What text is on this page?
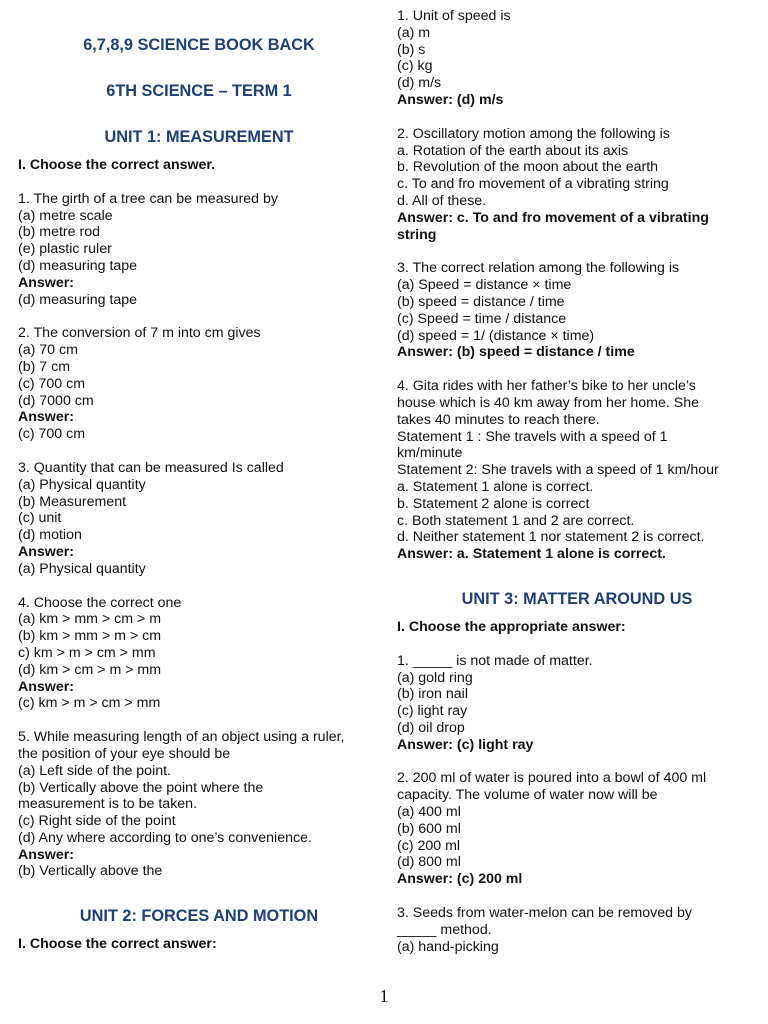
6,7,8,9 SCIENCE BOOK BACK
6TH SCIENCE – TERM 1
UNIT 1: MEASUREMENT
I. Choose the correct answer.
1. The girth of a tree can be measured by
(a) metre scale
(b) metre rod
(e) plastic ruler
(d) measuring tape
Answer:
(d) measuring tape
2. The conversion of 7 m into cm gives
(a) 70 cm
(b) 7 cm
(c) 700 cm
(d) 7000 cm
Answer:
(c) 700 cm
3. Quantity that can be measured Is called
(a) Physical quantity
(b) Measurement
(c) unit
(d) motion
Answer:
(a) Physical quantity
4. Choose the correct one
(a) km > mm > cm > m
(b) km > mm > m > cm
c) km > m > cm > mm
(d) km > cm > m > mm
Answer:
(c) km > m > cm > mm
5. While measuring length of an object using a ruler,
the position of your eye should be
(a) Left side of the point.
(b) Vertically above the point where the
measurement is to be taken.
(c) Right side of the point
(d) Any where according to one’s convenience.
Answer:
(b) Vertically above the
UNIT 2: FORCES AND MOTION
I. Choose the correct answer:
1. Unit of speed is
(a) m
(b) s
(c) kg
(d) m/s
Answer: (d) m/s
2. Oscillatory motion among the following is
a. Rotation of the earth about its axis
b. Revolution of the moon about the earth
c. To and fro movement of a vibrating string
d. All of these.
Answer: c. To and fro movement of a vibrating
string
3. The correct relation among the following is
(a) Speed = distance × time
(b) speed = distance / time
(c) Speed = time / distance
(d) speed = 1/ (distance × time)
Answer: (b) speed = distance / time
4. Gita rides with her father’s bike to her uncle’s
house which is 40 km away from her home. She
takes 40 minutes to reach there.
Statement 1 : She travels with a speed of 1
km/minute
Statement 2: She travels with a speed of 1 km/hour
a. Statement 1 alone is correct.
b. Statement 2 alone is correct
c. Both statement 1 and 2 are correct.
d. Neither statement 1 nor statement 2 is correct.
Answer: a. Statement 1 alone is correct.
UNIT 3: MATTER AROUND US
I. Choose the appropriate answer:
1. _____ is not made of matter.
(a) gold ring
(b) iron nail
(c) light ray
(d) oil drop
Answer: (c) light ray
2. 200 ml of water is poured into a bowl of 400 ml
capacity. The volume of water now will be
(a) 400 ml
(b) 600 ml
(c) 200 ml
(d) 800 ml
Answer: (c) 200 ml
3. Seeds from water-melon can be removed by
_____ method.
(a) hand-picking
1
